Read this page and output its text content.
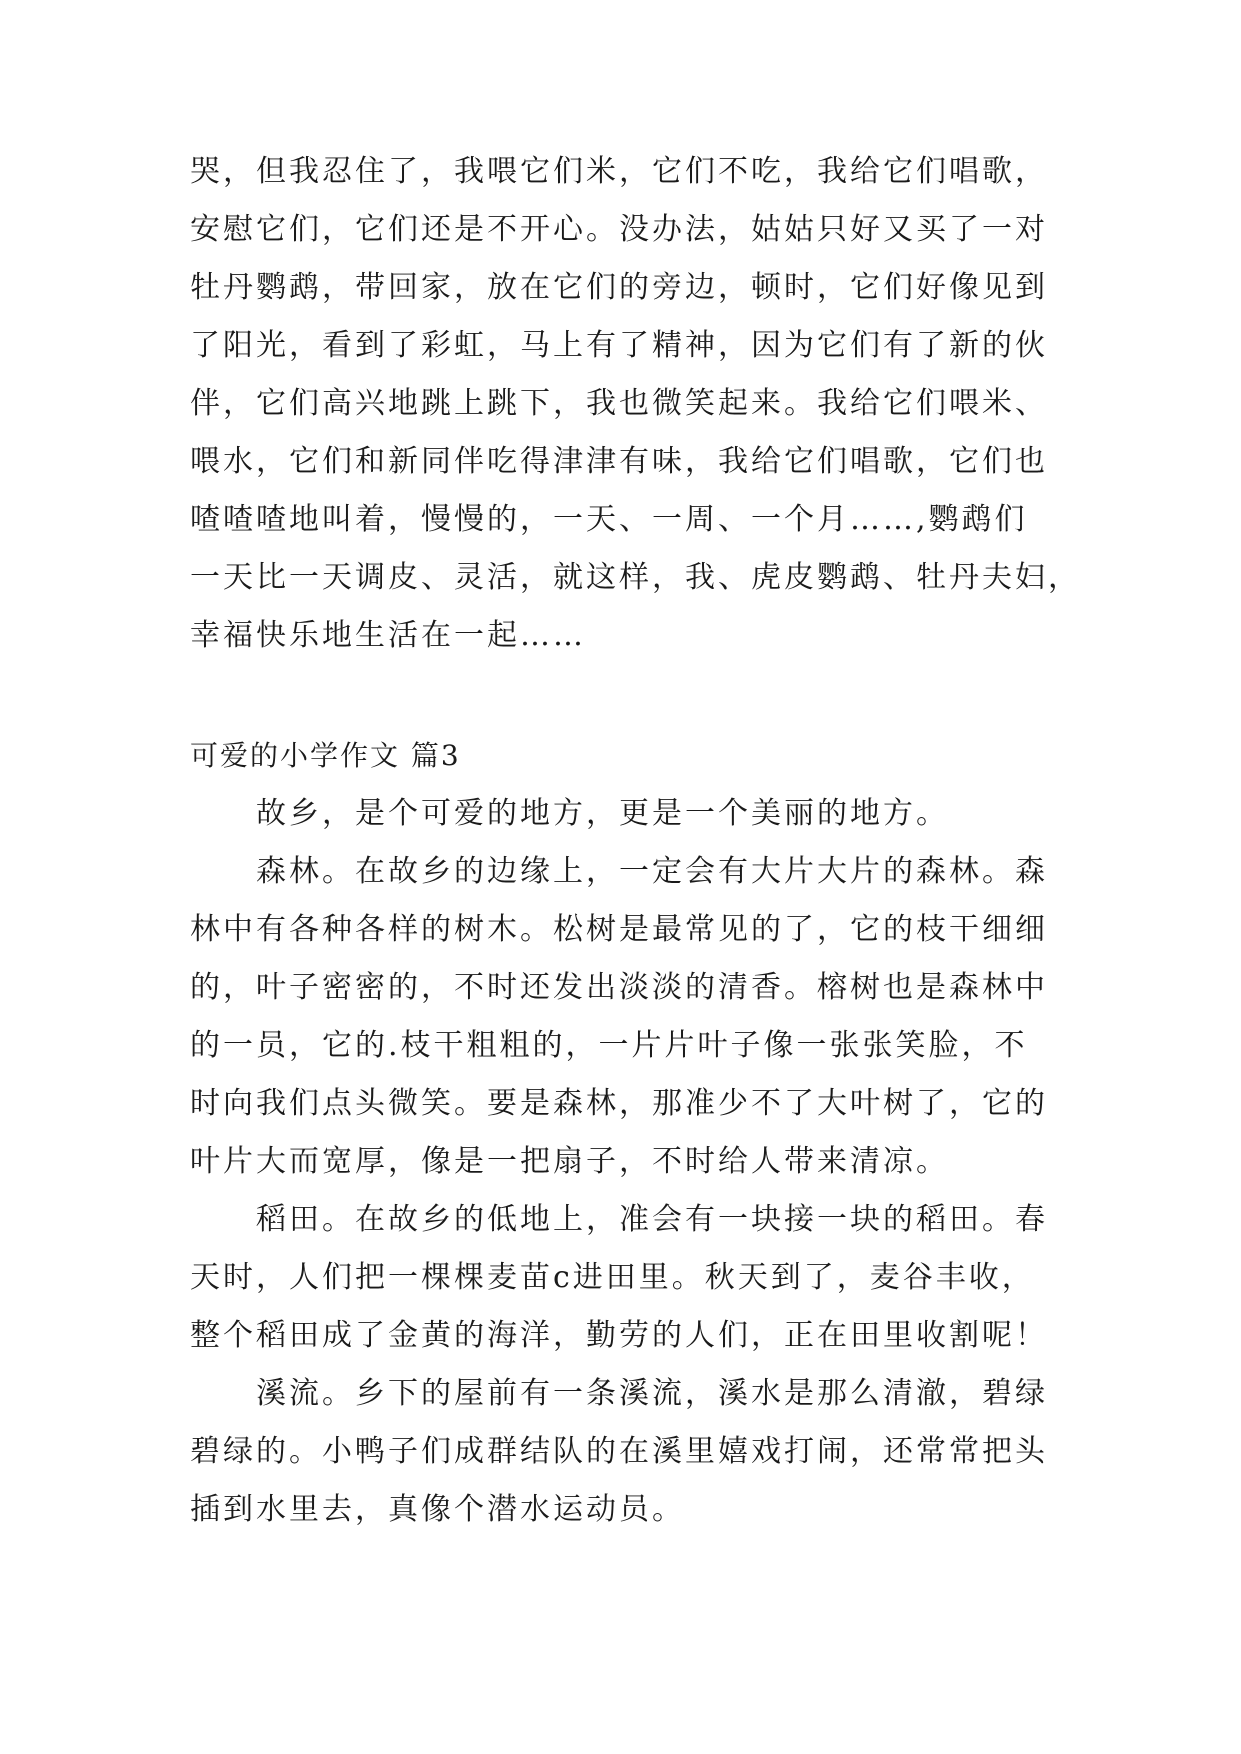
哭，但我忍住了，我喂它们米，它们不吃，我给它们唱歌，

安慰它们，它们还是不开心。没办法，姑姑只好又买了一对

牡丹鹦鹉，带回家，放在它们的旁边，顿时，它们好像见到

了阳光，看到了彩虹，马上有了精神，因为它们有了新的伙

伴，它们高兴地跳上跳下，我也微笑起来。我给它们喂米、

喂水，它们和新同伴吃得津津有味，我给它们唱歌，它们也

喳喳喳地叫着，慢慢的，一天、一周、一个月……,鹦鹉们

一天比一天调皮、灵活，就这样，我、虎皮鹦鹉、牡丹夫妇，

幸福快乐地生活在一起……

可爱的小学作文 篇3

故乡，是个可爱的地方，更是一个美丽的地方。

森林。在故乡的边缘上，一定会有大片大片的森林。森

林中有各种各样的树木。松树是最常见的了，它的枝干细细

的，叶子密密的，不时还发出淡淡的清香。榕树也是森林中

的一员，它的.枝干粗粗的，一片片叶子像一张张笑脸，不

时向我们点头微笑。要是森林，那准少不了大叶树了，它的

叶片大而宽厚，像是一把扇子，不时给人带来清凉。

稻田。在故乡的低地上，准会有一块接一块的稻田。春

天时，人们把一棵棵麦苗c进田里。秋天到了，麦谷丰收，

整个稻田成了金黄的海洋，勤劳的人们，正在田里收割呢！

溪流。乡下的屋前有一条溪流，溪水是那么清澈，碧绿

碧绿的。小鸭子们成群结队的在溪里嬉戏打闹，还常常把头

插到水里去，真像个潜水运动员。
